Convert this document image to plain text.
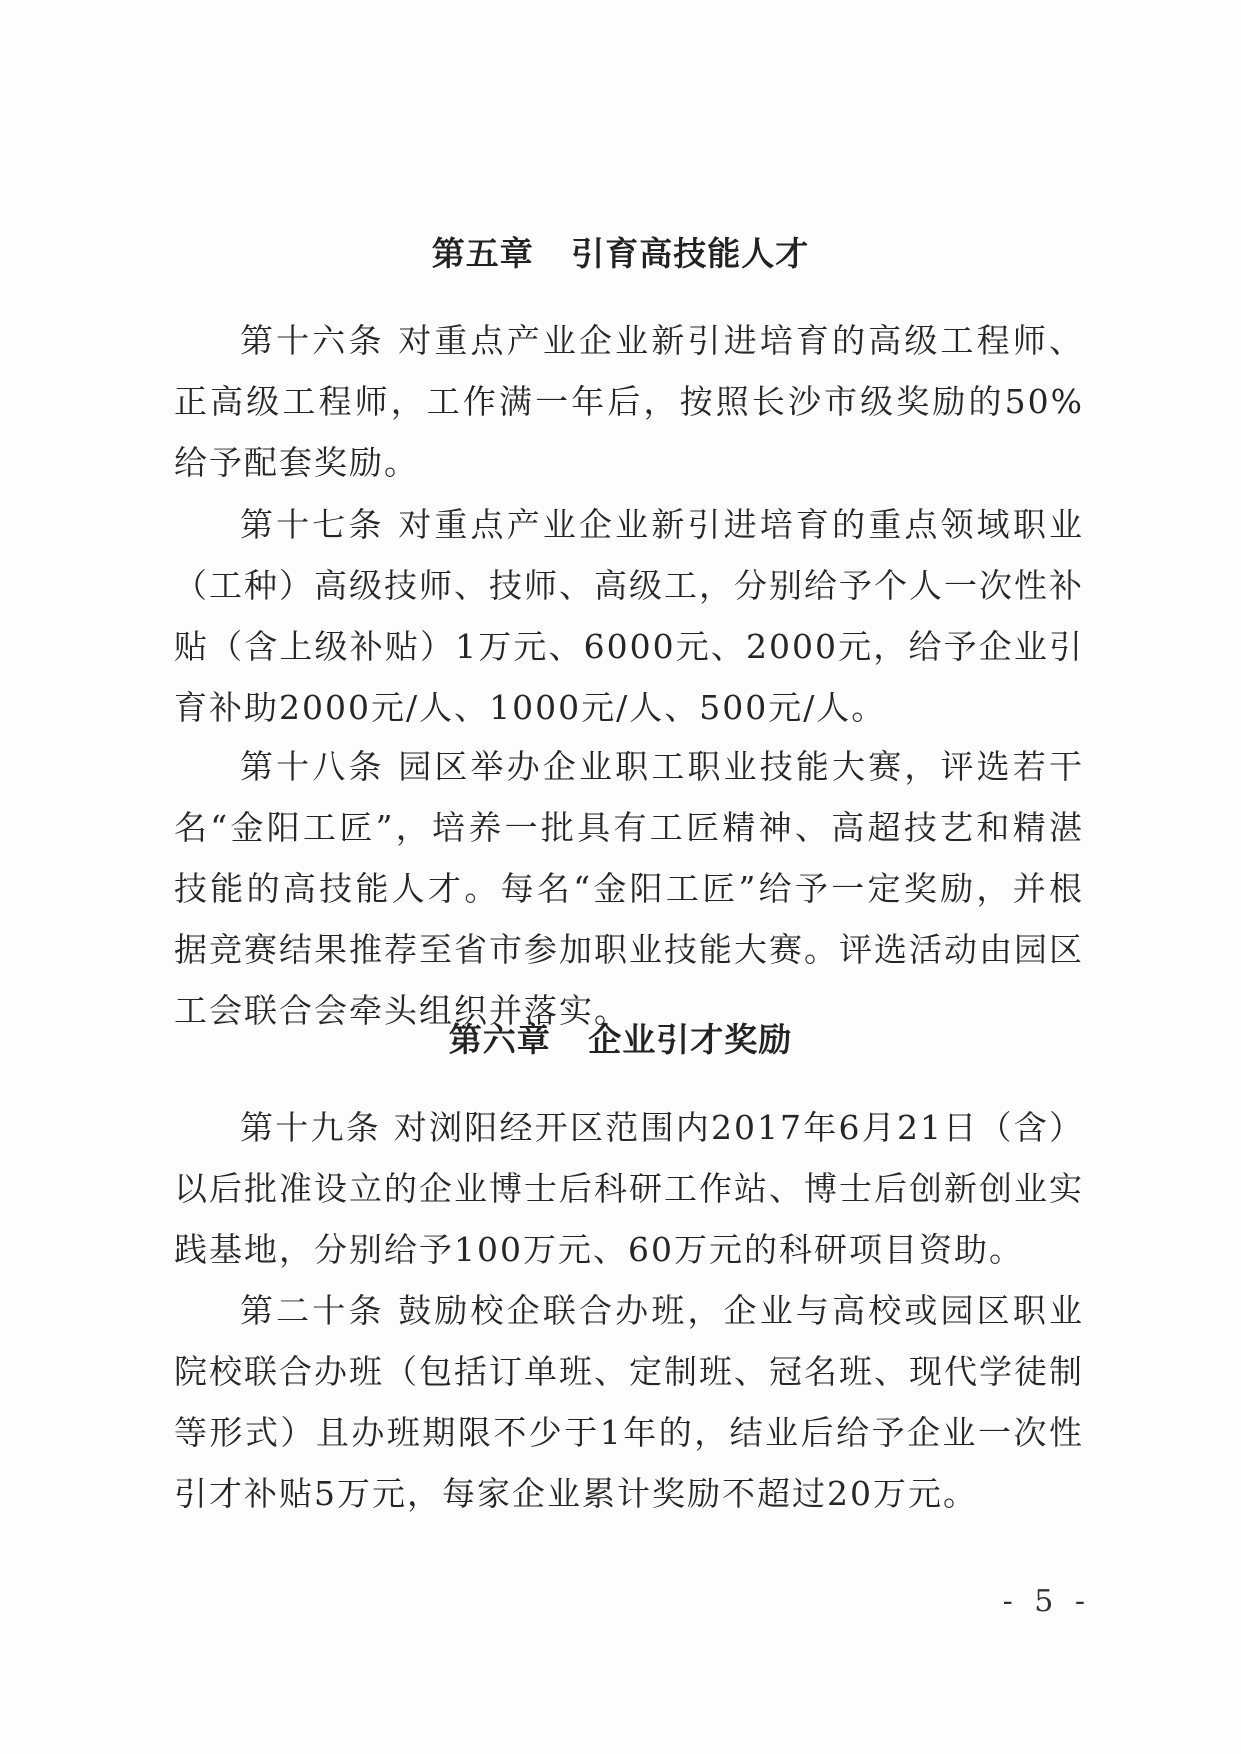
第五章   引育高技能人才
第十六条 对重点产业企业新引进培育的高级工程师、正高级工程师，工作满一年后，按照长沙市级奖励的50%给予配套奖励。
第十七条 对重点产业企业新引进培育的重点领域职业（工种）高级技师、技师、高级工，分别给予个人一次性补贴（含上级补贴）1万元、6000元、2000元，给予企业引育补助2000元/人、1000元/人、500元/人。
第十八条 园区举办企业职工职业技能大赛，评选若干名“金阳工匠”，培养一批具有工匠精神、高超技艺和精湛技能的高技能人才。每名“金阳工匠”给予一定奖励，并根据竞赛结果推荐至省市参加职业技能大赛。评选活动由园区工会联合会牵头组织并落实。
第六章   企业引才奖励
第十九条 对浏阳经开区范围内2017年6月21日（含）以后批准设立的企业博士后科研工作站、博士后创新创业实践基地，分别给予100万元、60万元的科研项目资助。
第二十条 鼓励校企联合办班，企业与高校或园区职业院校联合办班（包括订单班、定制班、冠名班、现代学徒制等形式）且办班期限不少于1年的，结业后给予企业一次性引才补贴5万元，每家企业累计奖励不超过20万元。
- 5 -
